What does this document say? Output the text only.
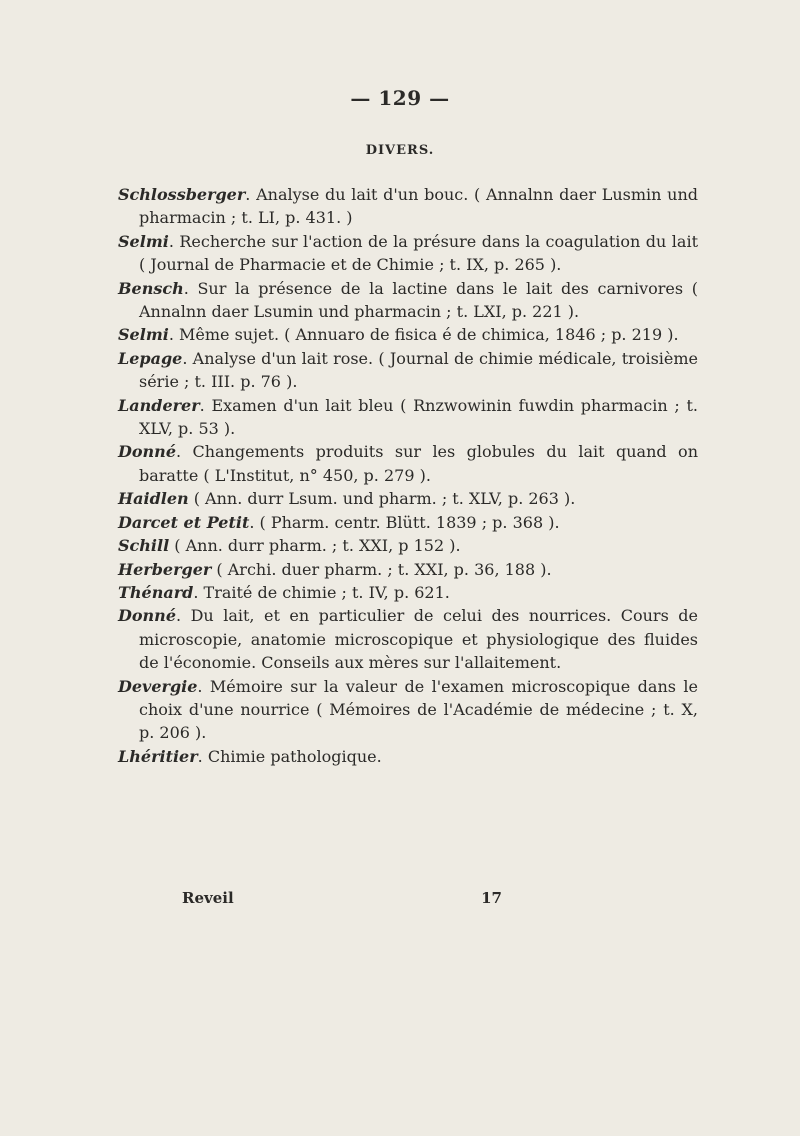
— 129 —
DIVERS.

Schlossberger. Analyse du lait d'un bouc. ( Annalnn daer Lusmin und pharmacin ; t. LI, p. 431. )

Selmi. Recherche sur l'action de la présure dans la coagulation du lait ( Journal de Pharmacie et de Chimie ; t. IX, p. 265 ).

Bensch. Sur la présence de la lactine dans le lait des carnivores ( Annalnn daer Lsumin und pharmacin ; t. LXI, p. 221 ).

Selmi. Même sujet. ( Annuaro de fisica é de chimica, 1846 ; p. 219 ).

Lepage. Analyse d'un lait rose. ( Journal de chimie médicale, troisième série ; t. III. p. 76 ).

Landerer. Examen d'un lait bleu ( Rnzwowinin fuwdin pharmacin ; t. XLV, p. 53 ).

Donné. Changements produits sur les globules du lait quand on baratte ( L'Institut, n° 450, p. 279 ).

Haidlen ( Ann. durr Lsum. und pharm. ; t. XLV, p. 263 ).

Darcet et Petit. ( Pharm. centr. Blütt. 1839 ; p. 368 ).

Schill ( Ann. durr pharm. ; t. XXI, p 152 ).

Herberger ( Archi. duer pharm. ; t. XXI, p. 36, 188 ).

Thénard. Traité de chimie ; t. IV, p. 621.

Donné. Du lait, et en particulier de celui des nourrices. Cours de microscopie, anatomie microscopique et physiologique des fluides de l'économie. Conseils aux mères sur l'allaitement.

Devergie. Mémoire sur la valeur de l'examen microscopique dans le choix d'une nourrice ( Mémoires de l'Académie de médecine ; t. X, p. 206 ).

Lhéritier. Chimie pathologique.

Reveil	17
